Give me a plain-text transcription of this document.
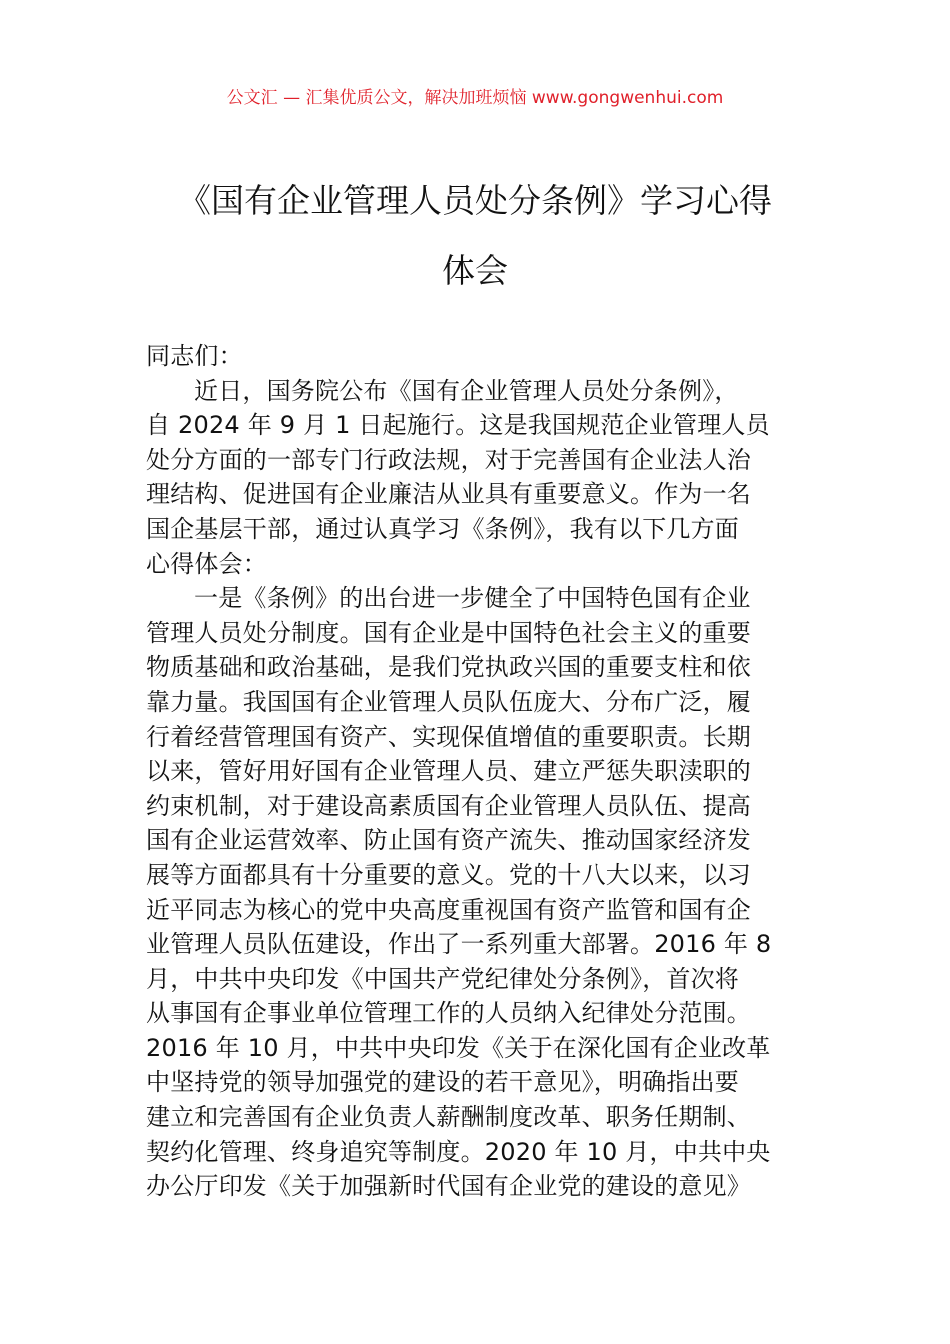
公文汇 — 汇集优质公文，解决加班烦恼 www.gongwenhui.com
《国有企业管理人员处分条例》学习心得
体会
同志们：
近日，国务院公布《国有企业管理人员处分条例》，
自 2024 年 9 月 1 日起施行。这是我国规范企业管理人员
处分方面的一部专门行政法规，对于完善国有企业法人治
理结构、促进国有企业廉洁从业具有重要意义。作为一名
国企基层干部，通过认真学习《条例》，我有以下几方面
心得体会：
一是《条例》的出台进一步健全了中国特色国有企业
管理人员处分制度。国有企业是中国特色社会主义的重要
物质基础和政治基础，是我们党执政兴国的重要支柱和依
靠力量。我国国有企业管理人员队伍庞大、分布广泛，履
行着经营管理国有资产、实现保值增值的重要职责。长期
以来，管好用好国有企业管理人员、建立严惩失职渎职的
约束机制，对于建设高素质国有企业管理人员队伍、提高
国有企业运营效率、防止国有资产流失、推动国家经济发
展等方面都具有十分重要的意义。党的十八大以来，以习
近平同志为核心的党中央高度重视国有资产监管和国有企
业管理人员队伍建设，作出了一系列重大部署。2016 年 8
月，中共中央印发《中国共产党纪律处分条例》，首次将
从事国有企事业单位管理工作的人员纳入纪律处分范围。
2016 年 10 月，中共中央印发《关于在深化国有企业改革
中坚持党的领导加强党的建设的若干意见》，明确指出要
建立和完善国有企业负责人薪酬制度改革、职务任期制、
契约化管理、终身追究等制度。2020 年 10 月，中共中央
办公厅印发《关于加强新时代国有企业党的建设的意见》
